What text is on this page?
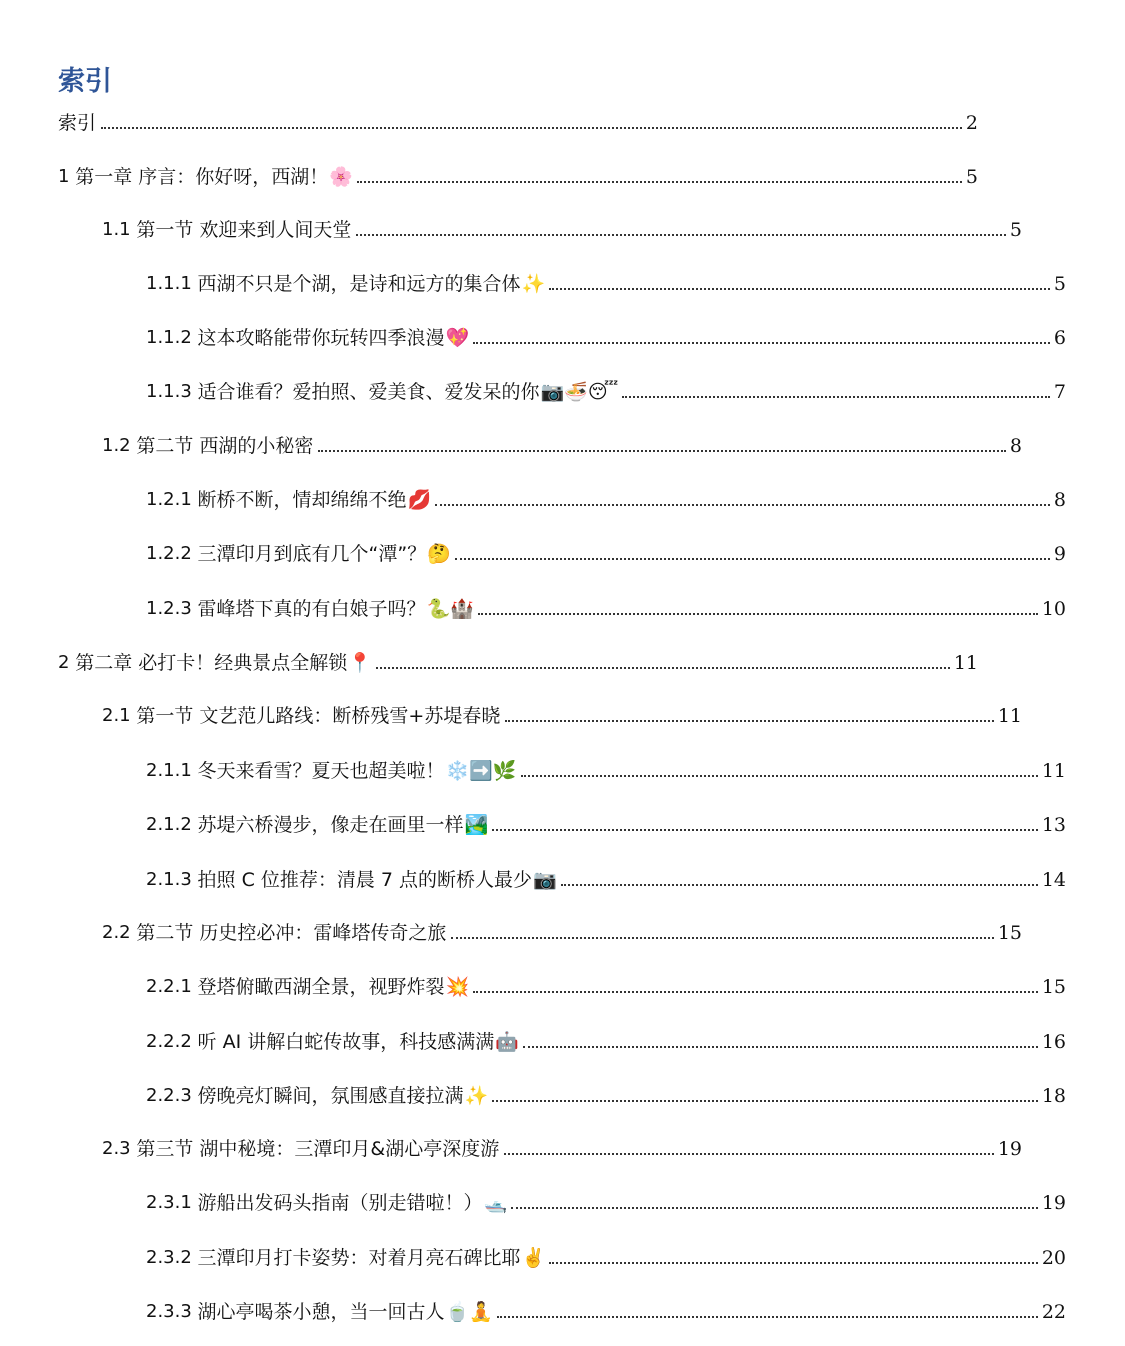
索引
索引	2
1 第一章 序言：你好呀，西湖！ 🌸	5
1.1 第一节 欢迎来到人间天堂	5
1.1.1 西湖不只是个湖，是诗和远方的集合体 ✨	5
1.1.2 这本攻略能带你玩转四季浪漫 💖	6
1.1.3 适合谁看？爱拍照、爱美食、爱发呆的你 📷🍜😴	7
1.2 第二节 西湖的小秘密	8
1.2.1 断桥不断，情却绵绵不绝 💋	8
1.2.2 三潭印月到底有几个“潭”？ 🤔	9
1.2.3 雷峰塔下真的有白娘子吗？ 🐍🏰	10
2 第二章 必打卡！经典景点全解锁 📍	11
2.1 第一节 文艺范儿路线：断桥残雪+苏堤春晓	11
2.1.1 冬天来看雪？夏天也超美啦！ ❄️➡️🌿	11
2.1.2 苏堤六桥漫步，像走在画里一样 🏞️	13
2.1.3 拍照 C 位推荐：清晨 7 点的断桥人最少 📷	14
2.2 第二节 历史控必冲：雷峰塔传奇之旅	15
2.2.1 登塔俯瞰西湖全景，视野炸裂 💥	15
2.2.2 听 AI 讲解白蛇传故事，科技感满满 🤖	16
2.2.3 傍晚亮灯瞬间，氛围感直接拉满 ✨	18
2.3 第三节 湖中秘境：三潭印月&湖心亭深度游	19
2.3.1 游船出发码头指南（别走错啦！） 🛥️	19
2.3.2 三潭印月打卡姿势：对着月亮石碑比耶 ✌️	20
2.3.3 湖心亭喝茶小憩，当一回古人 🍵🧘	22
